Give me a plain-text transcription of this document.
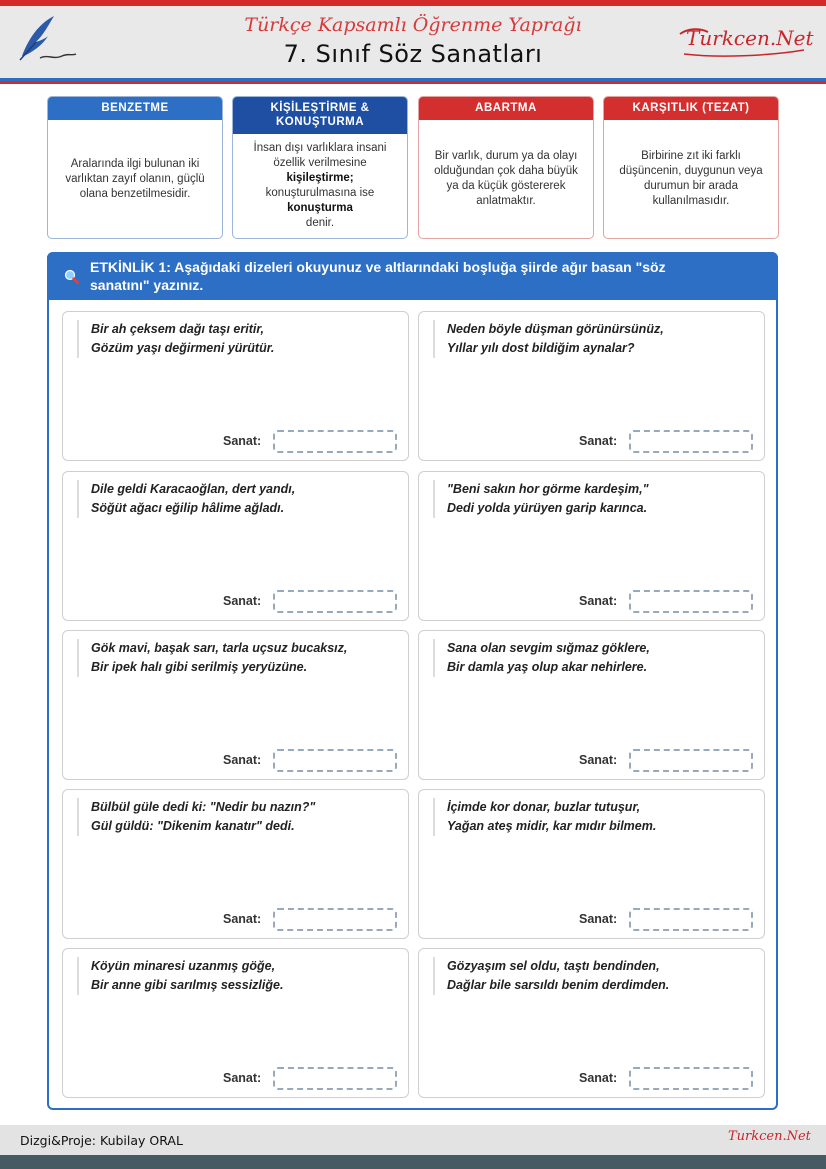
Türkçe Kapsamlı Öğrenme Yaprağı
7. Sınıf Söz Sanatları
Turkcen.Net
BENZETME
Aralarında ilgi bulunan iki varlıktan zayıf olanın, güçlü olana benzetilmesidir.
KİŞİLEŞTİRME &
KONUŞTURMA
İnsan dışı varlıklara insani özellik verilmesine
kişileştirme;
konuşturulmasına ise
konuşturma
denir.
ABARTMA
Bir varlık, durum ya da olayı olduğundan çok daha büyük ya da küçük göstererek anlatmaktır.
KARŞITLIK (TEZAT)
Birbirine zıt iki farklı düşüncenin, duygunun veya durumun bir arada kullanılmasıdır.
ETKİNLİK 1: Aşağıdaki dizeleri okuyunuz ve altlarındaki boşluğa şiirde ağır basan "söz
sanatını" yazınız.
Bir ah çeksem dağı taşı eritir,
Gözüm yaşı değirmeni yürütür.
Sanat:
Neden böyle düşman görünürsünüz,
Yıllar yılı dost bildiğim aynalar?
Sanat:
Dile geldi Karacaoğlan, dert yandı,
Söğüt ağacı eğilip hâlime ağladı.
Sanat:
"Beni sakın hor görme kardeşim,"
Dedi yolda yürüyen garip karınca.
Sanat:
Gök mavi, başak sarı, tarla uçsuz bucaksız,
Bir ipek halı gibi serilmiş yeryüzüne.
Sanat:
Sana olan sevgim sığmaz göklere,
Bir damla yaş olup akar nehirlere.
Sanat:
Bülbül güle dedi ki: "Nedir bu nazın?"
Gül güldü: "Dikenim kanatır" dedi.
Sanat:
İçimde kor donar, buzlar tutuşur,
Yağan ateş midir, kar mıdır bilmem.
Sanat:
Köyün minaresi uzanmış göğe,
Bir anne gibi sarılmış sessizliğe.
Sanat:
Gözyaşım sel oldu, taştı bendinden,
Dağlar bile sarsıldı benim derdimden.
Sanat:
Dizgi&Proje: Kubilay ORAL	Turkcen.Net
